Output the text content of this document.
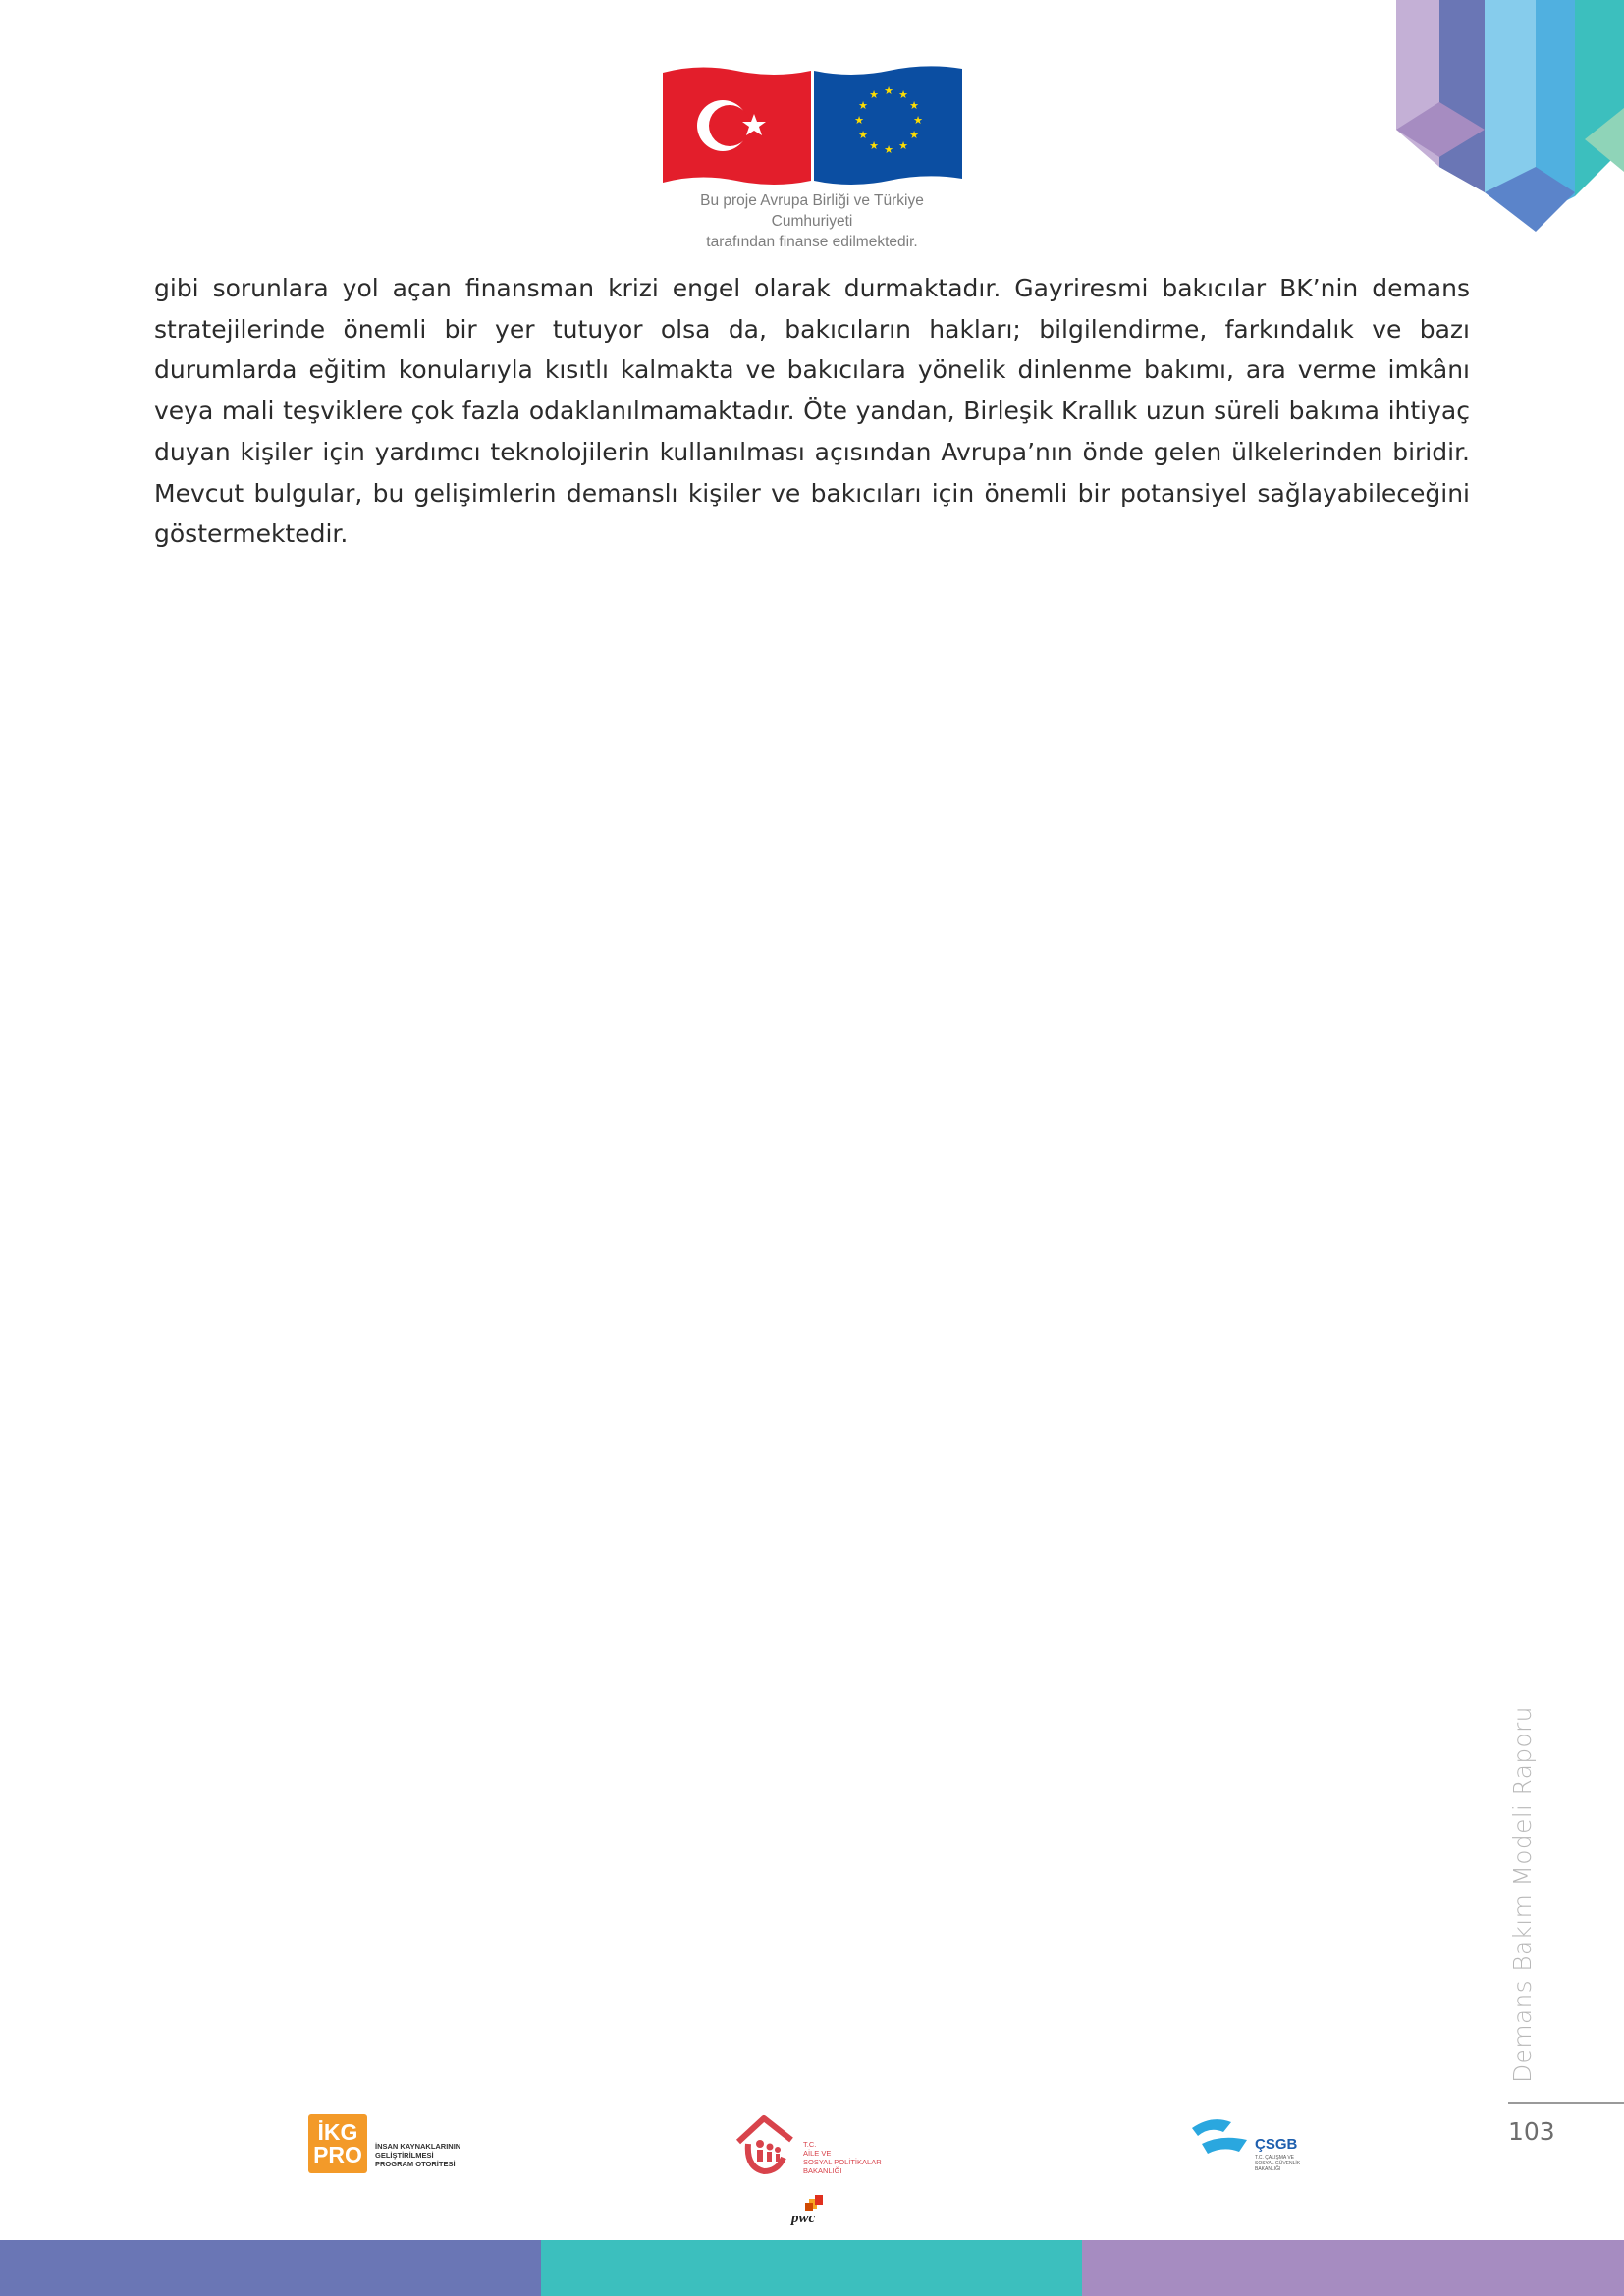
★ ★
★
★
★
★
★
★
★
★
★
★
Bu proje Avrupa Birliği ve Türkiye Cumhuriyeti
tarafından finanse edilmektedir.

gibi sorunlara yol açan finansman krizi engel olarak durmaktadır. Gayriresmi bakıcılar BK’nin demans stratejilerinde önemli bir yer tutuyor olsa da, bakıcıların hakları; bilgilendirme, farkındalık ve bazı durumlarda eğitim konularıyla kısıtlı kalmakta ve bakıcılara yönelik dinlenme bakımı, ara verme imkânı veya mali teşviklere çok fazla odaklanılmamaktadır. Öte yandan, Birleşik Krallık uzun süreli bakıma ihtiyaç duyan kişiler için yardımcı teknolojilerin kullanılması açısından Avrupa’nın önde gelen ülkelerinden biridir. Mevcut bulgular, bu gelişimlerin demanslı kişiler ve bakıcıları için önemli bir potansiyel sağlayabileceğini göstermektedir.

Demans Bakım Modeli Raporu
103
İKG
PRO	İNSAN KAYNAKLARININ
GELİŞTİRİLMESİ
PROGRAM OTORİTESİ
T.C.
AİLE VE
SOSYAL POLİTİKALAR
BAKANLIĞI
pwc
ÇSGB
T.C. ÇALIŞMA VE
SOSYAL GÜVENLİK
BAKANLIĞI
